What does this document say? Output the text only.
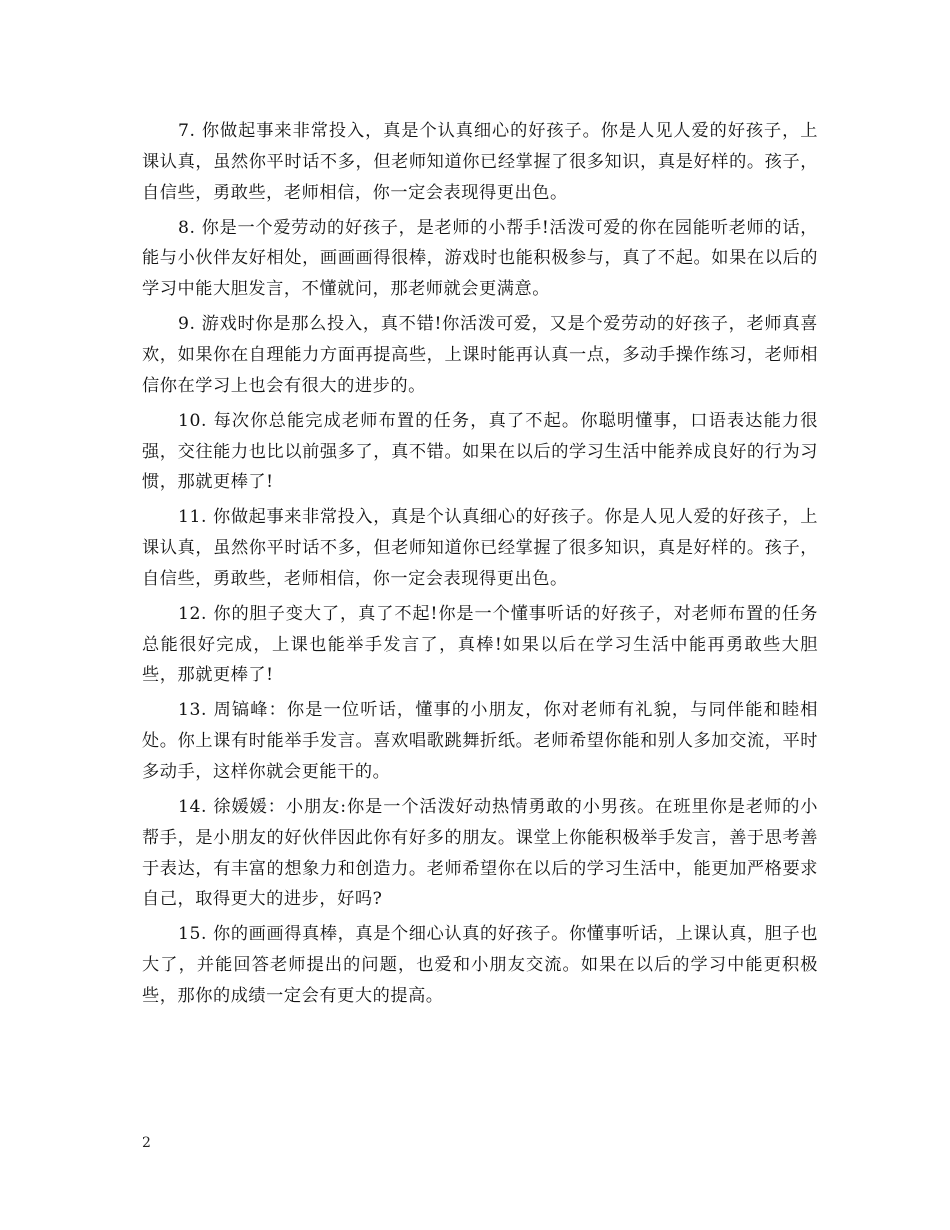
7. 你做起事来非常投入，真是个认真细心的好孩子。你是人见人爱的好孩子，上课认真，虽然你平时话不多，但老师知道你已经掌握了很多知识，真是好样的。孩子，自信些，勇敢些，老师相信，你一定会表现得更出色。

8. 你是一个爱劳动的好孩子，是老师的小帮手!活泼可爱的你在园能听老师的话，能与小伙伴友好相处，画画画得很棒，游戏时也能积极参与，真了不起。如果在以后的学习中能大胆发言，不懂就问，那老师就会更满意。

9. 游戏时你是那么投入，真不错!你活泼可爱，又是个爱劳动的好孩子，老师真喜欢，如果你在自理能力方面再提高些，上课时能再认真一点，多动手操作练习，老师相信你在学习上也会有很大的进步的。

10. 每次你总能完成老师布置的任务，真了不起。你聪明懂事，口语表达能力很强，交往能力也比以前强多了，真不错。如果在以后的学习生活中能养成良好的行为习惯，那就更棒了!

11. 你做起事来非常投入，真是个认真细心的好孩子。你是人见人爱的好孩子，上课认真，虽然你平时话不多，但老师知道你已经掌握了很多知识，真是好样的。孩子，自信些，勇敢些，老师相信，你一定会表现得更出色。

12. 你的胆子变大了，真了不起!你是一个懂事听话的好孩子，对老师布置的任务总能很好完成，上课也能举手发言了，真棒!如果以后在学习生活中能再勇敢些大胆些，那就更棒了!

13. 周镐峰：你是一位听话，懂事的小朋友，你对老师有礼貌，与同伴能和睦相处。你上课有时能举手发言。喜欢唱歌跳舞折纸。老师希望你能和别人多加交流，平时多动手，这样你就会更能干的。

14. 徐媛媛：小朋友:你是一个活泼好动热情勇敢的小男孩。在班里你是老师的小帮手，是小朋友的好伙伴因此你有好多的朋友。课堂上你能积极举手发言，善于思考善于表达，有丰富的想象力和创造力。老师希望你在以后的学习生活中，能更加严格要求自己，取得更大的进步，好吗?

15. 你的画画得真棒，真是个细心认真的好孩子。你懂事听话，上课认真，胆子也大了，并能回答老师提出的问题，也爱和小朋友交流。如果在以后的学习中能更积极些，那你的成绩一定会有更大的提高。

2
